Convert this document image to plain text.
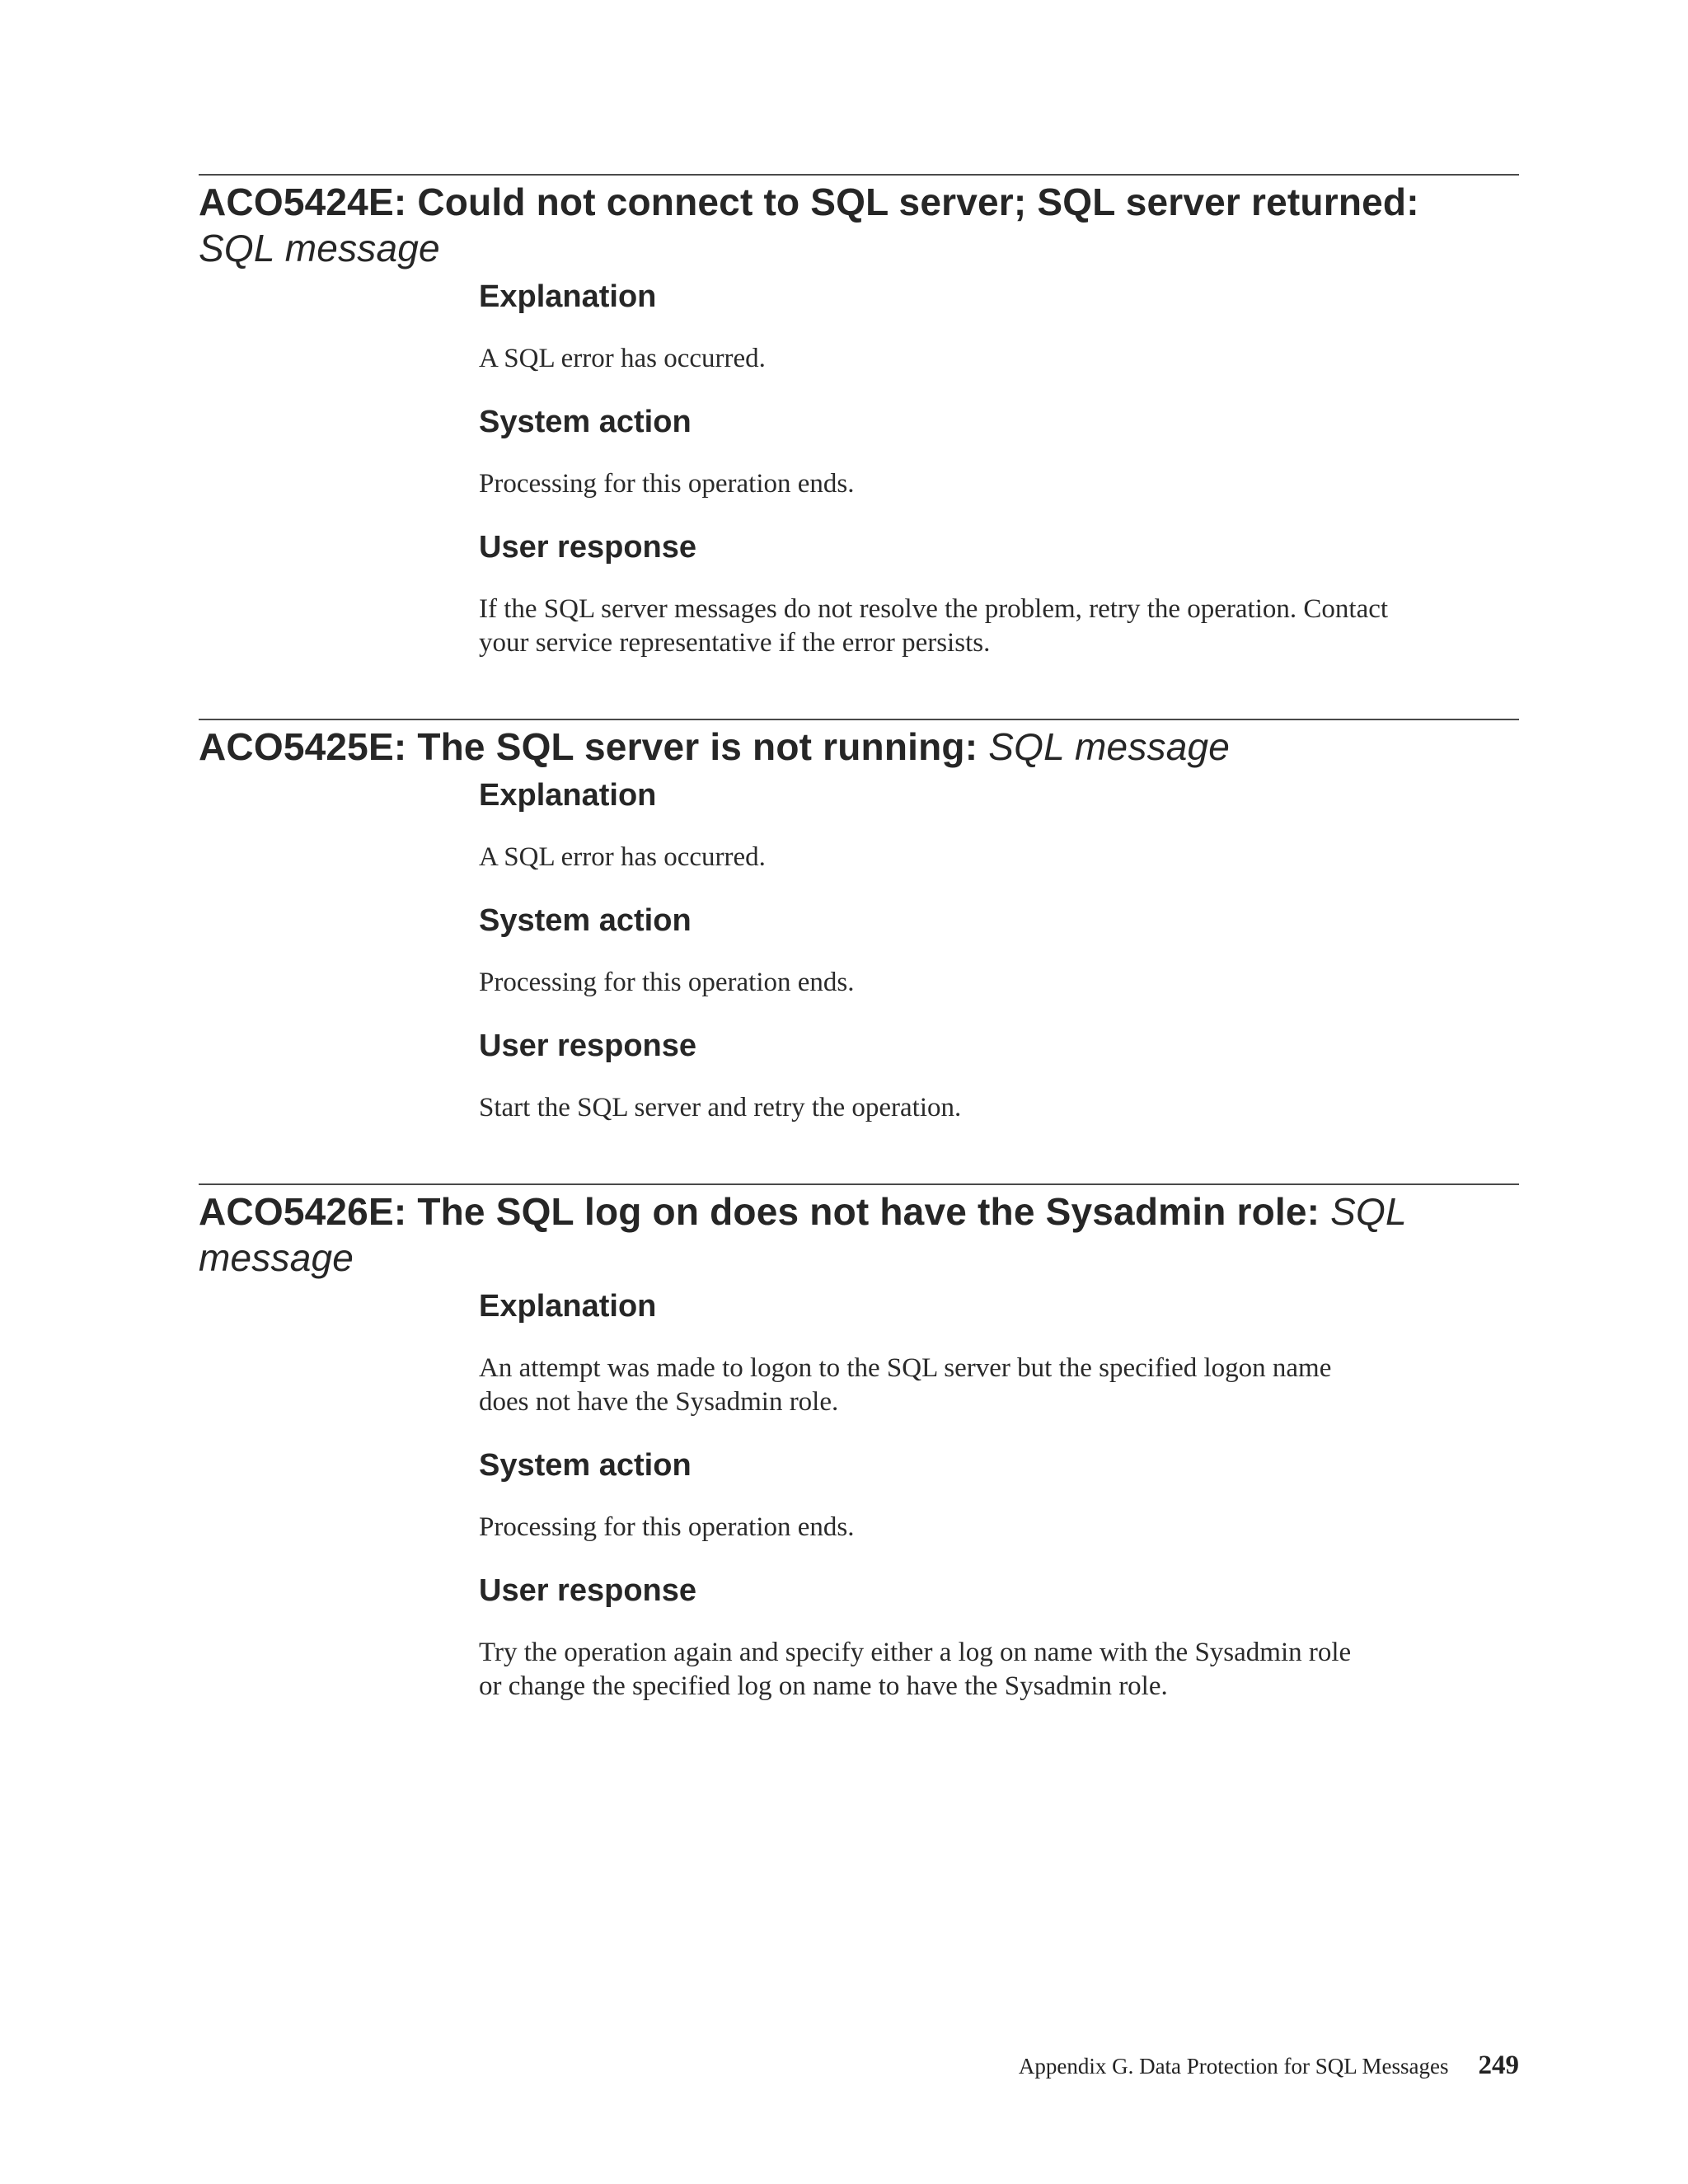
ACO5424E: Could not connect to SQL server; SQL server returned:
SQL message
Explanation

A SQL error has occurred.

System action

Processing for this operation ends.

User response

If the SQL server messages do not resolve the problem, retry the operation. Contact
your service representative if the error persists.

ACO5425E: The SQL server is not running: SQL message
Explanation

A SQL error has occurred.

System action

Processing for this operation ends.

User response

Start the SQL server and retry the operation.

ACO5426E: The SQL log on does not have the Sysadmin role: SQL
message
Explanation

An attempt was made to logon to the SQL server but the specified logon name
does not have the Sysadmin role.

System action

Processing for this operation ends.

User response

Try the operation again and specify either a log on name with the Sysadmin role
or change the specified log on name to have the Sysadmin role.

Appendix G. Data Protection for SQL Messages 249
